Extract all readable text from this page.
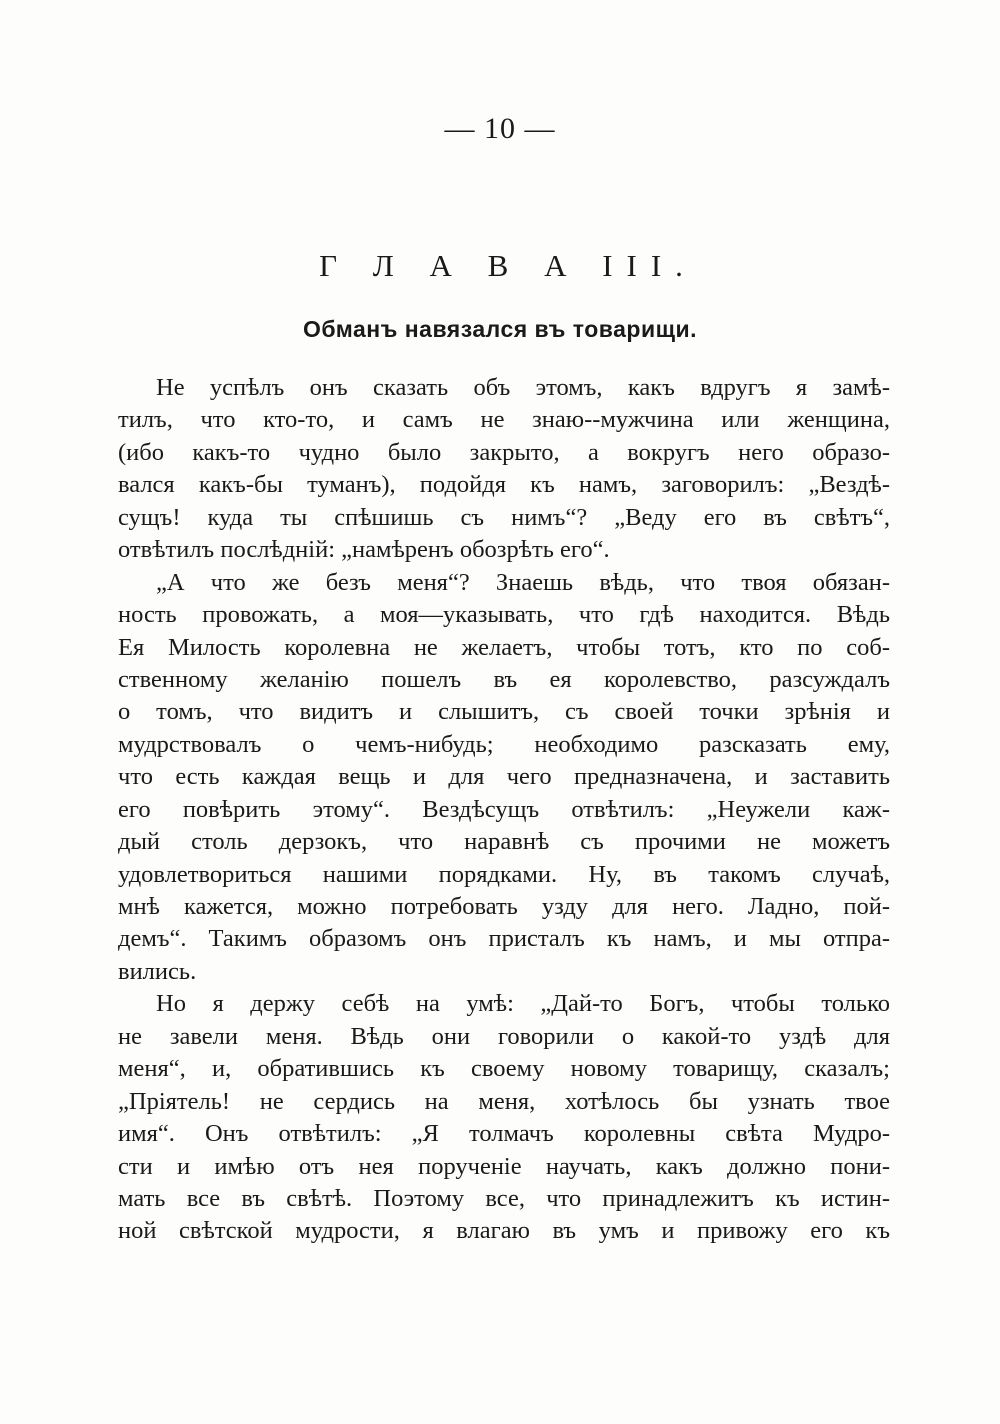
— 10 —
Г Л А В А III.
Обманъ навязался въ товарищи.
Не успѣлъ онъ сказать объ этомъ, какъ вдругъ я замѣ-
тилъ, что кто-то, и самъ не знаю--мужчина или женщина,
(ибо какъ-то чудно было закрыто, а вокругъ него образо-
вался какъ-бы туманъ), подойдя къ намъ, заговорилъ: „Вездѣ-
сущъ! куда ты спѣшишь съ нимъ“? „Веду его въ свѣтъ“,
отвѣтилъ послѣдній: „намѣренъ обозрѣть его“.
„А что же безъ меня“? Знаешь вѣдь, что твоя обязан-
ность провожать, а моя—указывать, что гдѣ находится. Вѣдь
Ея Милость королевна не желаетъ, чтобы тотъ, кто по соб-
ственному желанію пошелъ въ ея королевство, разсуждалъ
о томъ, что видитъ и слышитъ, съ своей точки зрѣнія и
мудрствовалъ о чемъ-нибудь; необходимо разсказать ему,
что есть каждая вещь и для чего предназначена, и заставить
его повѣрить этому“. Вездѣсущъ отвѣтилъ: „Неужели каж-
дый столь дерзокъ, что наравнѣ съ прочими не можетъ
удовлетвориться нашими порядками. Ну, въ такомъ случаѣ,
мнѣ кажется, можно потребовать узду для него. Ладно, пой-
демъ“. Такимъ образомъ онъ присталъ къ намъ, и мы отпра-
вились.
Но я держу себѣ на умѣ: „Дай-то Богъ, чтобы только
не завели меня. Вѣдь они говорили о какой-то уздѣ для
меня“, и, обратившись къ своему новому товарищу, сказалъ;
„Пріятель! не сердись на меня, хотѣлось бы узнать твое
имя“. Онъ отвѣтилъ: „Я толмачъ королевны свѣта Мудро-
сти и имѣю отъ нея порученіе научать, какъ должно пони-
мать все въ свѣтѣ. Поэтому все, что принадлежитъ къ истин-
ной свѣтской мудрости, я влагаю въ умъ и привожу его къ
